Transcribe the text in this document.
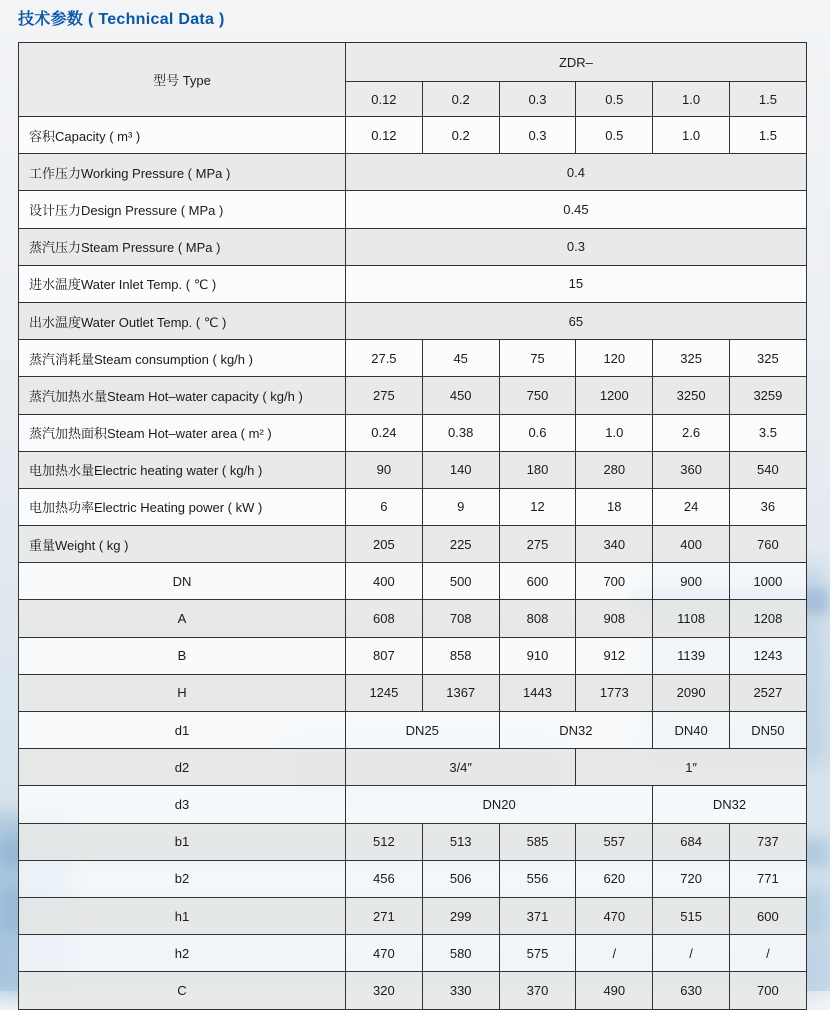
技术参数 ( Technical Data )
型号 Type	ZDR–					
	0.12	0.2	0.3	0.5	1.0	1.5
容积Capacity ( m³ )	0.12	0.2	0.3	0.5	1.0	1.5
工作压力Working Pressure ( MPa )	0.4					
设计压力Design Pressure ( MPa )	0.45					
蒸汽压力Steam Pressure ( MPa )	0.3					
进水温度Water Inlet Temp. ( ℃ )	15					
出水温度Water Outlet Temp. ( ℃ )	65					
蒸汽消耗量Steam consumption ( kg/h )	27.5	45	75	120	325	325
蒸汽加热水量Steam Hot–water capacity ( kg/h )	275	450	750	1200	3250	3259
蒸汽加热面积Steam Hot–water area ( m² )	0.24	0.38	0.6	1.0	2.6	3.5
电加热水量Electric heating water ( kg/h )	90	140	180	280	360	540
电加热功率Electric Heating power ( kW )	6	9	12	18	24	36
重量Weight ( kg )	205	225	275	340	400	760
DN	400	500	600	700	900	1000
A	608	708	808	908	1108	1208
B	807	858	910	912	1139	1243
H	1245	1367	1443	1773	2090	2527
d1	DN25		DN32		DN40	DN50
d2	3/4″			1″		
d3	DN20				DN32	
b1	512	513	585	557	684	737
b2	456	506	556	620	720	771
h1	271	299	371	470	515	600
h2	470	580	575	/	/	/
C	320	330	370	490	630	700
